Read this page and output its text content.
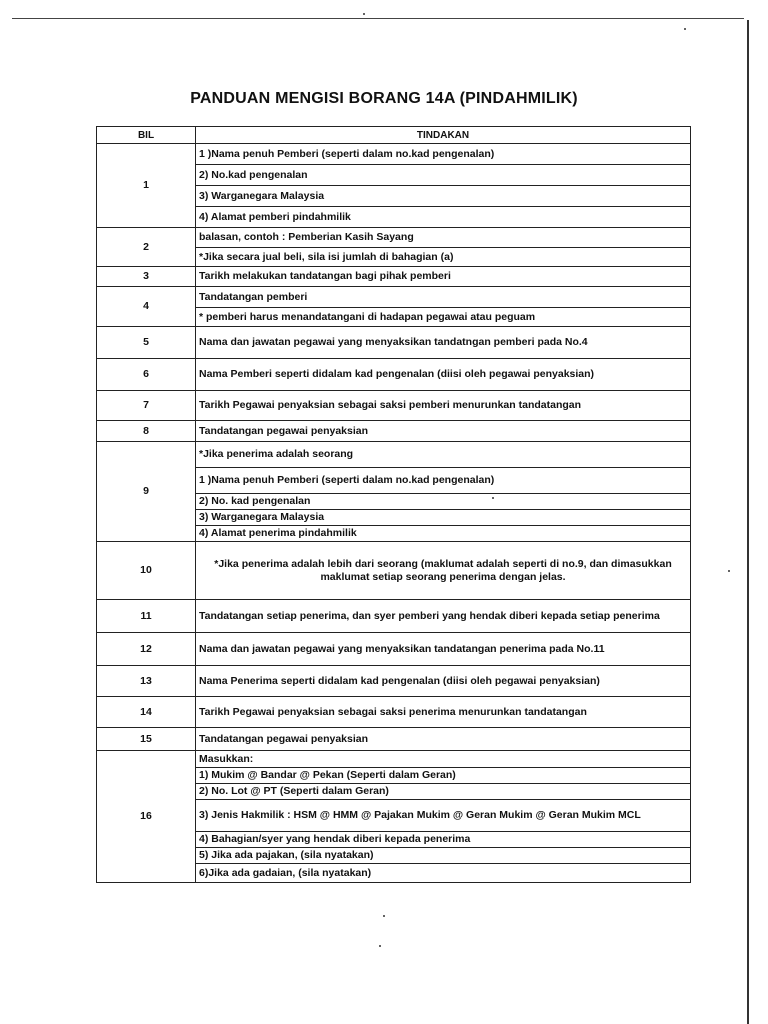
PANDUAN MENGISI BORANG 14A (PINDAHMILIK)
BIL	TINDAKAN
1	1 )Nama penuh Pemberi (seperti dalam no.kad pengenalan)
	2) No.kad pengenalan
	3) Warganegara Malaysia
	4) Alamat pemberi pindahmilik
2	balasan, contoh : Pemberian Kasih Sayang
	*Jika secara jual beli, sila isi jumlah di bahagian (a)
3	Tarikh melakukan tandatangan bagi pihak pemberi
4	Tandatangan pemberi
	* pemberi harus menandatangani di hadapan pegawai atau peguam
5	Nama dan jawatan pegawai yang menyaksikan tandatngan pemberi pada No.4
6	Nama Pemberi seperti didalam kad pengenalan (diisi oleh pegawai penyaksian)
7	Tarikh Pegawai penyaksian sebagai saksi pemberi menurunkan tandatangan
8	Tandatangan pegawai penyaksian
9	*Jika penerima adalah seorang
	1 )Nama penuh Pemberi (seperti dalam no.kad pengenalan)
	2) No. kad pengenalan
	3) Warganegara Malaysia
	4) Alamat penerima pindahmilik
10	*Jika penerima adalah lebih dari seorang (maklumat adalah seperti di no.9, dan dimasukkan maklumat setiap seorang penerima dengan jelas.
11	Tandatangan setiap penerima, dan syer pemberi yang hendak diberi kepada setiap penerima
12	Nama dan jawatan pegawai yang menyaksikan tandatangan penerima pada No.11
13	Nama Penerima seperti didalam kad pengenalan (diisi oleh pegawai penyaksian)
14	Tarikh Pegawai penyaksian sebagai saksi penerima menurunkan tandatangan
15	Tandatangan pegawai penyaksian
16	Masukkan:
	1) Mukim @ Bandar @ Pekan (Seperti dalam Geran)
	2) No. Lot @ PT (Seperti dalam Geran)
	3) Jenis Hakmilik : HSM @ HMM @ Pajakan Mukim @ Geran Mukim @ Geran Mukim MCL
	4) Bahagian/syer yang hendak diberi kepada penerima
	5) Jika ada pajakan, (sila nyatakan)
	6)Jika ada gadaian, (sila nyatakan)
